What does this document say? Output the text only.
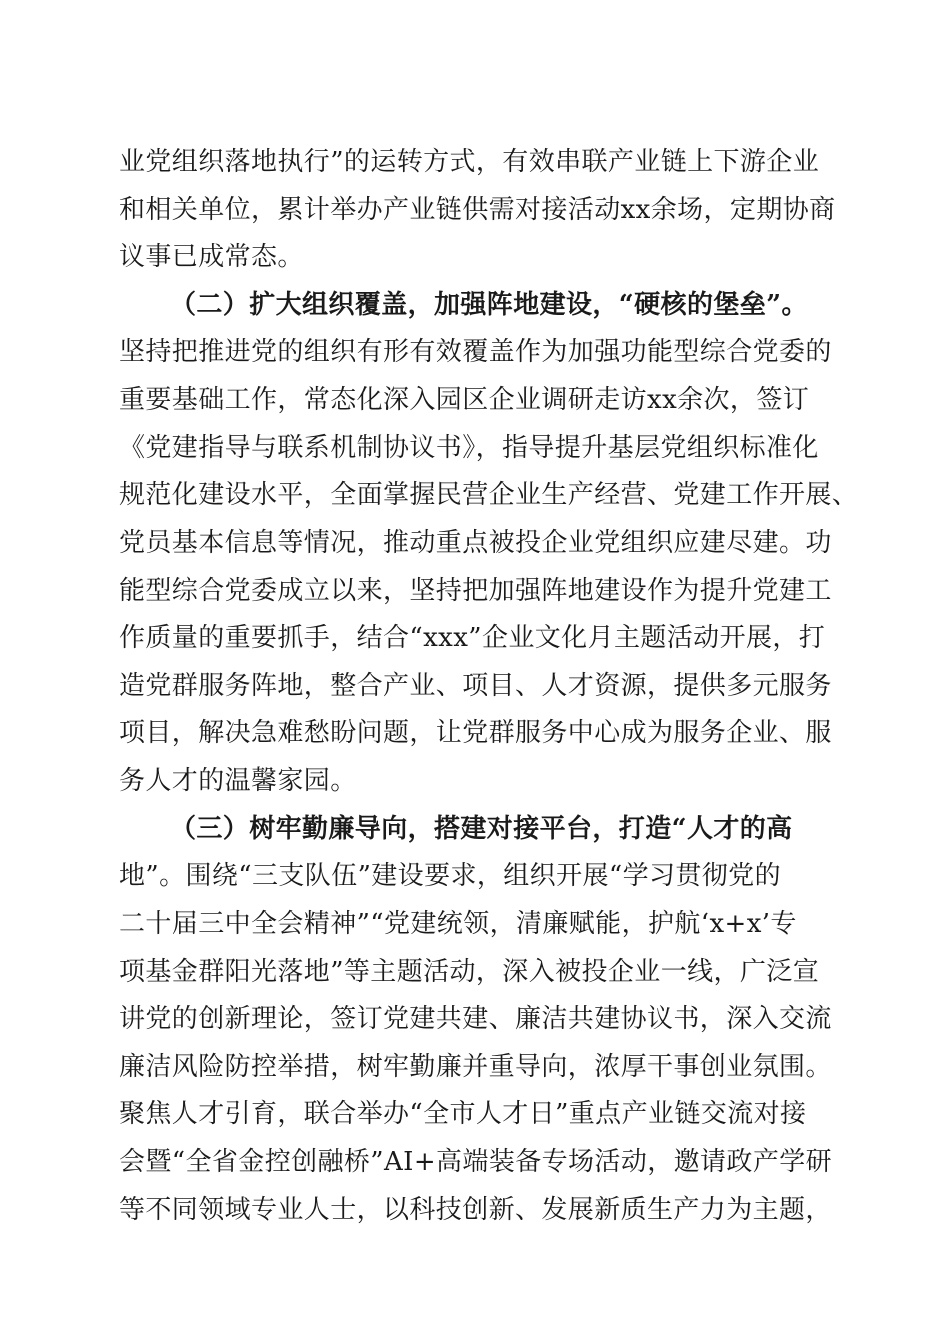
业党组织落地执行”的运转方式，有效串联产业链上下游企业
和相关单位，累计举办产业链供需对接活动xx余场，定期协商
议事已成常态。
（二）扩大组织覆盖，加强阵地建设，“硬核的堡垒”。
坚持把推进党的组织有形有效覆盖作为加强功能型综合党委的
重要基础工作，常态化深入园区企业调研走访xx余次，签订
《党建指导与联系机制协议书》，指导提升基层党组织标准化
规范化建设水平，全面掌握民营企业生产经营、党建工作开展、
党员基本信息等情况，推动重点被投企业党组织应建尽建。功
能型综合党委成立以来，坚持把加强阵地建设作为提升党建工
作质量的重要抓手，结合“xxx”企业文化月主题活动开展，打
造党群服务阵地，整合产业、项目、人才资源，提供多元服务
项目，解决急难愁盼问题，让党群服务中心成为服务企业、服
务人才的温馨家园。
（三）树牢勤廉导向，搭建对接平台，打造“人才的高
地”。围绕“三支队伍”建设要求，组织开展“学习贯彻党的
二十届三中全会精神”“党建统领，清廉赋能，护航‘x+x’专
项基金群阳光落地”等主题活动，深入被投企业一线，广泛宣
讲党的创新理论，签订党建共建、廉洁共建协议书，深入交流
廉洁风险防控举措，树牢勤廉并重导向，浓厚干事创业氛围。
聚焦人才引育，联合举办“全市人才日”重点产业链交流对接
会暨“全省金控创融桥”AI+高端装备专场活动，邀请政产学研
等不同领域专业人士，以科技创新、发展新质生产力为主题，
